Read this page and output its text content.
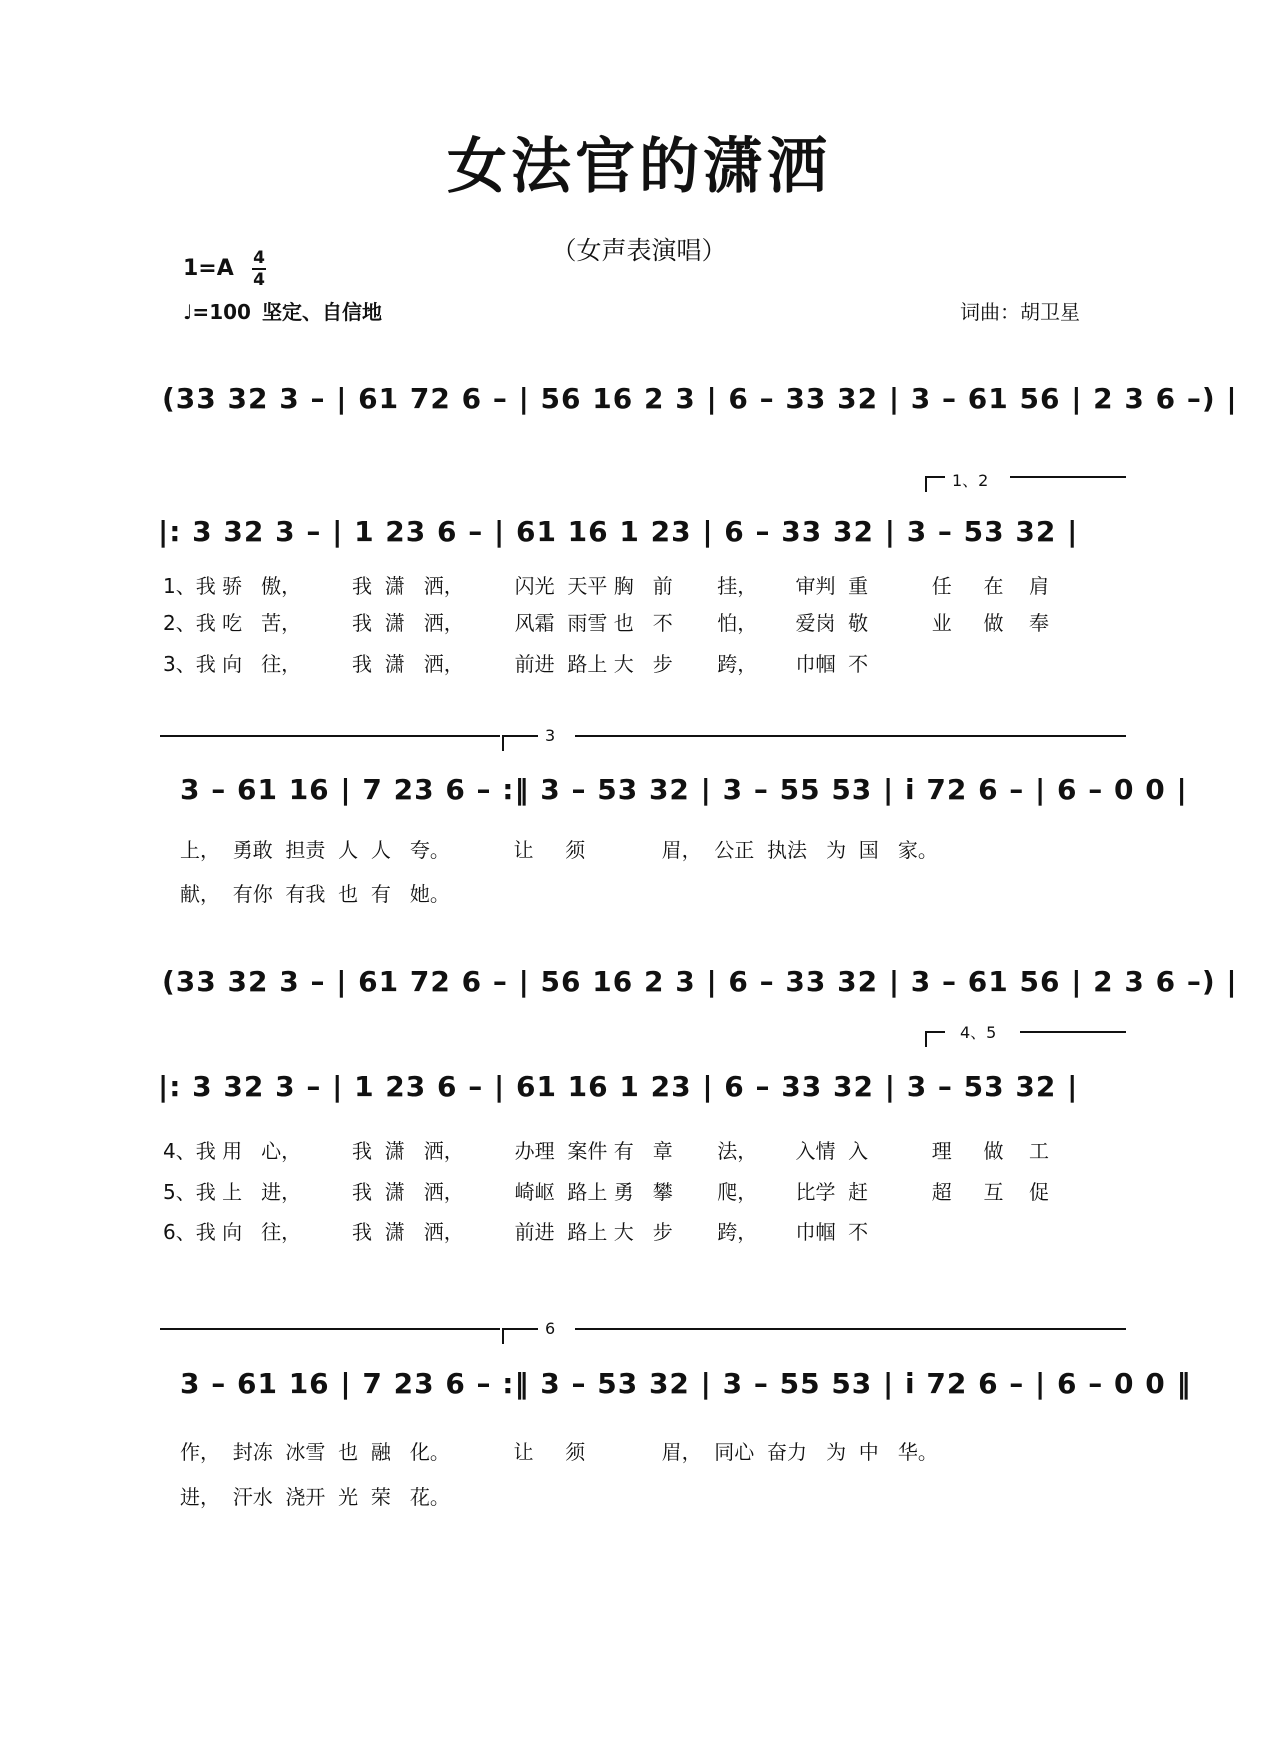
女法官的潇洒
（女声表演唱）
1=A 4
4
♩=100 坚定、自信地	词曲：胡卫星
(33 32 3 – | 61 72 6 – | 56 16 2 3 | 6 – 33 32 | 3 – 61 56 | 2 3 6 –) |
|: 3 32 3 – | 1 23 6 – | 61 16 1 23 | 6 – 33 32 | 3 – 53 32 |
1、2
1、我 骄   傲，        我  潇   洒，        闪光  天平 胸   前       挂，      审判  重          任     在    肩
2、我 吃   苦，        我  潇   洒，        风霜  雨雪 也   不       怕，      爱岗  敬          业     做    奉
3、我 向   往，        我  潇   洒，        前进  路上 大   步       跨，      巾帼  不
3
3 – 61 16 | 7 23 6 – :‖ 3 – 53 32 | 3 – 55 53 | i 72 6 – | 6 – 0 0 |
上，  勇敢  担责  人  人   夸。          让     须            眉，  公正  执法   为  国   家。
献，  有你  有我  也  有   她。
(33 32 3 – | 61 72 6 – | 56 16 2 3 | 6 – 33 32 | 3 – 61 56 | 2 3 6 –) |
|: 3 32 3 – | 1 23 6 – | 61 16 1 23 | 6 – 33 32 | 3 – 53 32 |
4、5
4、我 用   心，        我  潇   洒，        办理  案件 有   章       法，      入情  入          理     做    工
5、我 上   进，        我  潇   洒，        崎岖  路上 勇   攀       爬，      比学  赶          超     互    促
6、我 向   往，        我  潇   洒，        前进  路上 大   步       跨，      巾帼  不
6
3 – 61 16 | 7 23 6 – :‖ 3 – 53 32 | 3 – 55 53 | i 72 6 – | 6 – 0 0 ‖
作，  封冻  冰雪  也  融   化。          让     须            眉，  同心  奋力   为  中   华。
进，  汗水  浇开  光  荣   花。
